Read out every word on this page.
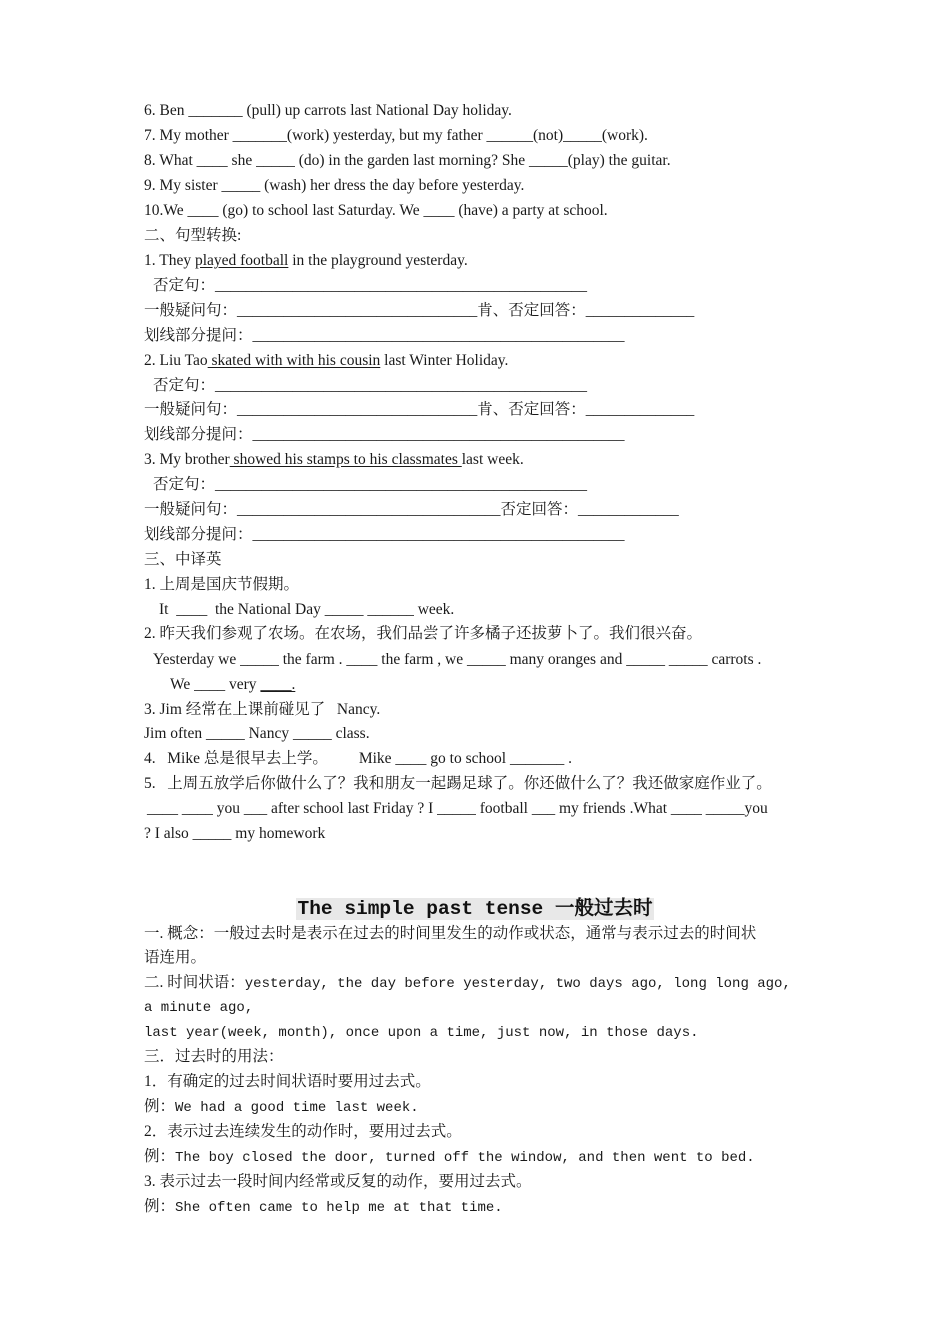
6. Ben _______ (pull) up carrots last National Day holiday.
7. My mother _______(work) yesterday, but my father ______(not)_____(work).
8. What ____ she _____ (do) in the garden last morning? She _____(play) the guitar.
9. My sister _____ (wash) her dress the day before yesterday.
10.We ____ (go) to school last Saturday. We ____ (have) a party at school.
二、句型转换:
1. They played football in the playground yesterday.
否定句：________________________________________________
一般疑问句：_______________________________肯、否定回答：______________
划线部分提问：________________________________________________
2. Liu Tao skated with with his cousin last Winter Holiday.
否定句：________________________________________________
一般疑问句：_______________________________肯、否定回答：______________
划线部分提问：________________________________________________
3. My brother showed his stamps to his classmates last week.
否定句：________________________________________________
一般疑问句：__________________________________否定回答：_____________
划线部分提问：________________________________________________
三、中译英
1. 上周是国庆节假期。
It  ____  the National Day _____ ______ week.
2. 昨天我们参观了农场。在农场，我们品尝了许多橘子还拔萝卜了。我们很兴奋。
Yesterday we _____ the farm . ____ the farm , we _____ many oranges and _____ _____ carrots .
We ____ very ____.
3. Jim 经常在上课前碰见了   Nancy.
Jim often _____ Nancy _____ class.
4.   Mike 总是很早去上学。        Mike ____ go to school _______ .
5.   上周五放学后你做什么了？我和朋友一起踢足球了。你还做什么了？我还做家庭作业了。
____ ____ you ___ after school last Friday ? I _____ football ___ my friends .What ____ _____you
? I also _____ my homework
The simple past tense 一般过去时
一. 概念：一般过去时是表示在过去的时间里发生的动作或状态，通常与表示过去的时间状
语连用。
二. 时间状语：yesterday, the day before yesterday, two days ago, long long ago,
a minute ago,
last year(week, month), once upon a time, just now, in those days.
三．过去时的用法：
1．有确定的过去时间状语时要用过去式。
例：We had a good time last week.
2．表示过去连续发生的动作时，要用过去式。
例：The boy closed the door, turned off the window, and then went to bed.
3. 表示过去一段时间内经常或反复的动作，要用过去式。
例：She often came to help me at that time.
